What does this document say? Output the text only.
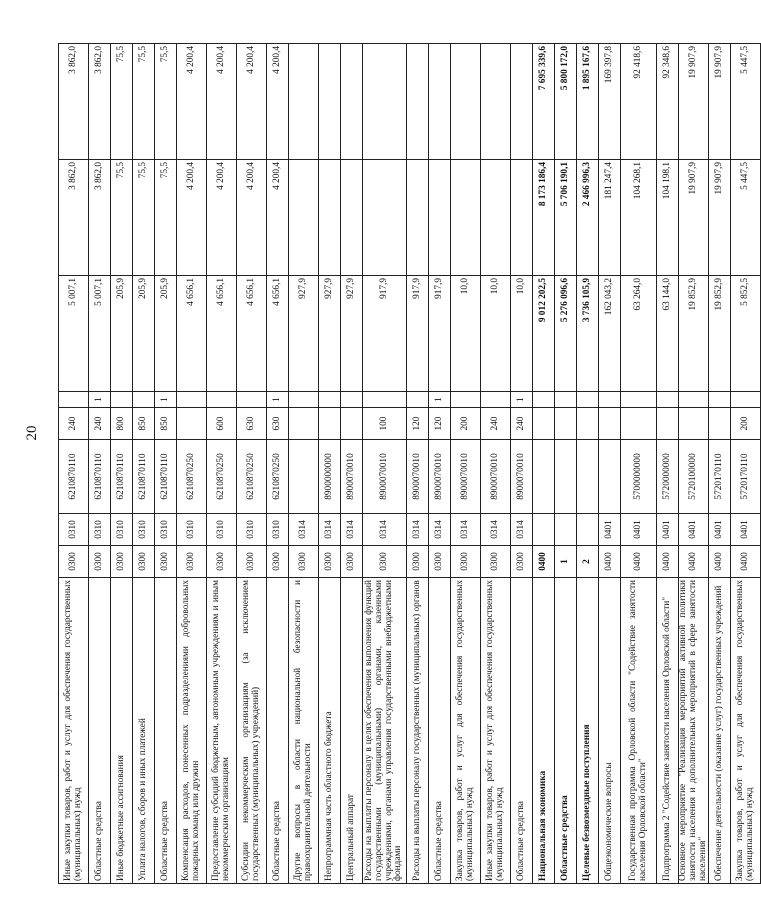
20
Иные закупки товаров, работ и услуг для обеспечения государственных (муниципальных) нужд	0300	0310	6210870110	240		5 007,1	3 862,0	3 862,0
Областные средства	0300	0310	6210870110	240	1	5 007,1	3 862,0	3 862,0
Иные бюджетные ассигнования	0300	0310	6210870110	800		205,9	75,5	75,5
Уплата налогов, сборов и иных платежей	0300	0310	6210870110	850		205,9	75,5	75,5
Областные средства	0300	0310	6210870110	850	1	205,9	75,5	75,5
Компенсация расходов, понесенных подразделениями добровольных пожарных команд или дружин	0300	0310	6210870250			4 656,1	4 200,4	4 200,4
Предоставление субсидий бюджетным, автономным учреждениям и иным некоммерческим организациям	0300	0310	6210870250	600		4 656,1	4 200,4	4 200,4
Субсидии некоммерческим организациям (за исключением государственных (муниципальных) учреждений)	0300	0310	6210870250	630		4 656,1	4 200,4	4 200,4
Областные средства	0300	0310	6210870250	630	1	4 656,1	4 200,4	4 200,4
Другие вопросы в области национальной безопасности и правоохранительной деятельности	0300	0314				927,9		
Непрограммная часть областного бюджета	0300	0314	8900000000			927,9		
Центральный аппарат	0300	0314	8900070010			927,9		
Расходы на выплаты персоналу в целях обеспечения выполнения функций государственными (муниципальными) органами, казенными учреждениями, органами управления государственными внебюджетными фондами	0300	0314	8900070010	100		917,9		
Расходы на выплаты персоналу государственных (муниципальных) органов	0300	0314	8900070010	120		917,9		
Областные средства	0300	0314	8900070010	120	1	917,9		
Закупка товаров, работ и услуг для обеспечения государственных (муниципальных) нужд	0300	0314	8900070010	200		10,0		
Иные закупки товаров, работ и услуг для обеспечения государственных (муниципальных) нужд	0300	0314	8900070010	240		10,0		
Областные средства	0300	0314	8900070010	240	1	10,0		
Национальная экономика	0400					9 012 202,5	8 173 186,4	7 695 339,6
Областные средства	1					5 276 096,6	5 706 190,1	5 800 172,0
Целевые безвозмездные поступления	2					3 736 105,9	2 466 996,3	1 895 167,6
Общеэкономические вопросы	0400	0401				162 043,2	181 247,4	169 397,8
Государственная программа Орловской области "Содействие занятости населения Орловской области"	0400	0401	5700000000			63 264,0	104 268,1	92 418,6
Подпрограмма 2 "Содействие занятости населения Орловской области"	0400	0401	5720000000			63 144,0	104 198,1	92 348,6
Основное мероприятие "Реализация мероприятий активной политики занятости населения и дополнительных мероприятий в сфере занятости населения"	0400	0401	5720100000			19 852,9	19 907,9	19 907,9
Обеспечение деятельности (оказание услуг) государственных учреждений	0400	0401	5720170110			19 852,9	19 907,9	19 907,9
Закупка товаров, работ и услуг для обеспечения государственных (муниципальных) нужд	0400	0401	5720170110	200		5 852,5	5 447,5	5 447,5
